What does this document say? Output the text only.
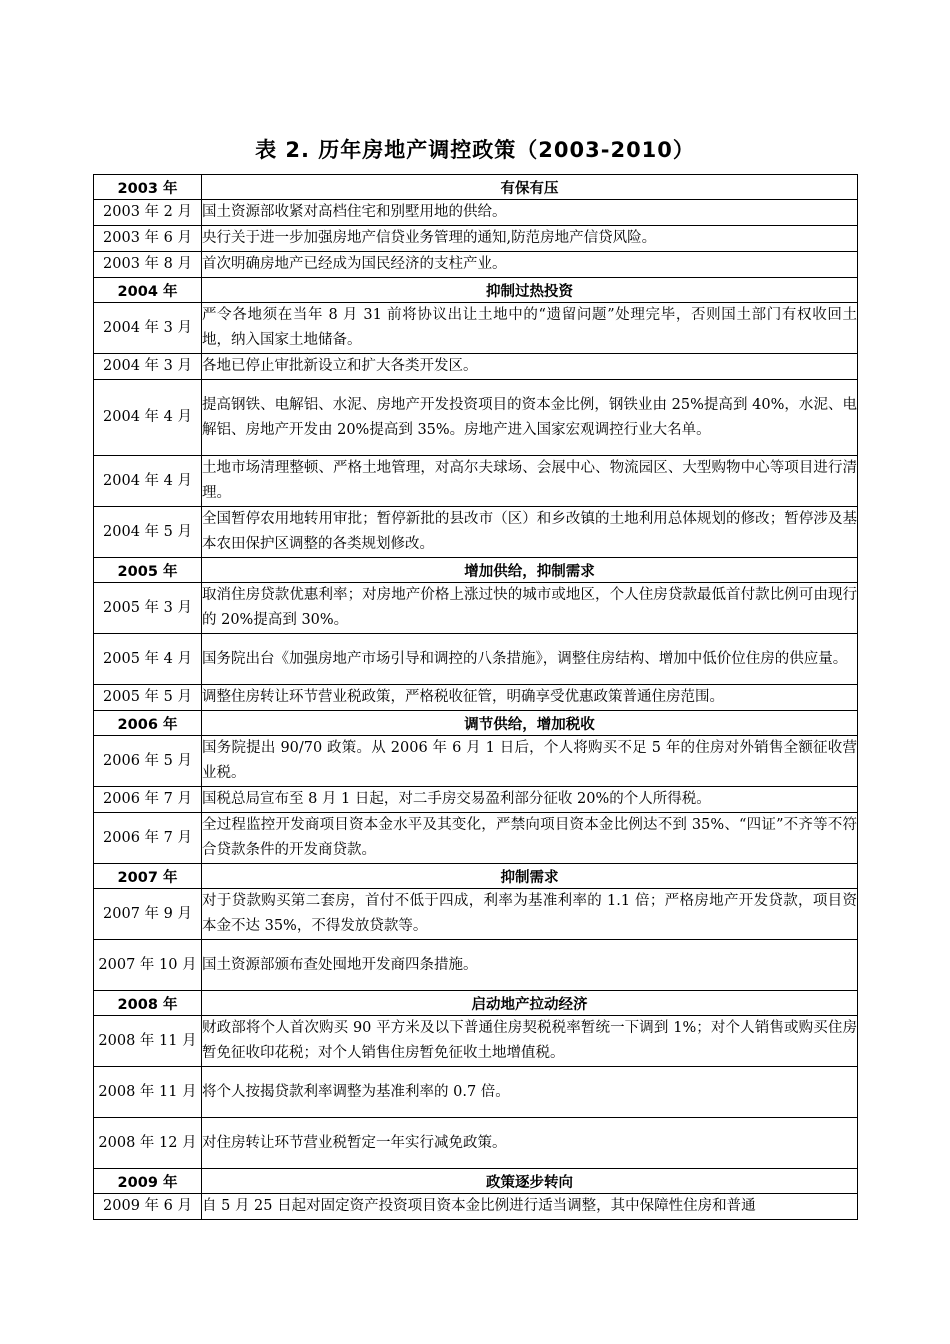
表 2. 历年房地产调控政策（2003-2010）
2003 年	有保有压
2003 年 2 月	国土资源部收紧对高档住宅和别墅用地的供给。
2003 年 6 月	央行关于进一步加强房地产信贷业务管理的通知,防范房地产信贷风险。
2003 年 8 月	首次明确房地产已经成为国民经济的支柱产业。
2004 年	抑制过热投资
2004 年 3 月	严令各地须在当年 8 月 31 前将协议出让土地中的“遗留问题”处理完毕，否则国土部门有权收回土地，纳入国家土地储备。
2004 年 3 月	各地已停止审批新设立和扩大各类开发区。
2004 年 4 月	提高钢铁、电解铝、水泥、房地产开发投资项目的资本金比例，钢铁业由 25%提高到 40%，水泥、电解铝、房地产开发由 20%提高到 35%。房地产进入国家宏观调控行业大名单。
2004 年 4 月	土地市场清理整顿、严格土地管理，对高尔夫球场、会展中心、物流园区、大型购物中心等项目进行清理。
2004 年 5 月	全国暂停农用地转用审批；暂停新批的县改市（区）和乡改镇的土地利用总体规划的修改；暂停涉及基本农田保护区调整的各类规划修改。
2005 年	增加供给，抑制需求
2005 年 3 月	取消住房贷款优惠利率；对房地产价格上涨过快的城市或地区，个人住房贷款最低首付款比例可由现行的 20%提高到 30%。
2005 年 4 月	国务院出台《加强房地产市场引导和调控的八条措施》，调整住房结构、增加中低价位住房的供应量。
2005 年 5 月	调整住房转让环节营业税政策，严格税收征管，明确享受优惠政策普通住房范围。
2006 年	调节供给，增加税收
2006 年 5 月	国务院提出 90/70 政策。从 2006 年 6 月 1 日后，个人将购买不足 5 年的住房对外销售全额征收营业税。
2006 年 7 月	国税总局宣布至 8 月 1 日起，对二手房交易盈利部分征收 20%的个人所得税。
2006 年 7 月	全过程监控开发商项目资本金水平及其变化，严禁向项目资本金比例达不到 35%、“四证”不齐等不符合贷款条件的开发商贷款。
2007 年	抑制需求
2007 年 9 月	对于贷款购买第二套房，首付不低于四成，利率为基准利率的 1.1 倍；严格房地产开发贷款，项目资本金不达 35%，不得发放贷款等。
2007 年 10 月	国土资源部颁布查处囤地开发商四条措施。
2008 年	启动地产拉动经济
2008 年 11 月	财政部将个人首次购买 90 平方米及以下普通住房契税税率暂统一下调到 1%；对个人销售或购买住房暂免征收印花税；对个人销售住房暂免征收土地增值税。
2008 年 11 月	将个人按揭贷款利率调整为基准利率的 0.7 倍。
2008 年 12 月	对住房转让环节营业税暂定一年实行减免政策。
2009 年	政策逐步转向
2009 年 6 月	自 5 月 25 日起对固定资产投资项目资本金比例进行适当调整，其中保障性住房和普通
